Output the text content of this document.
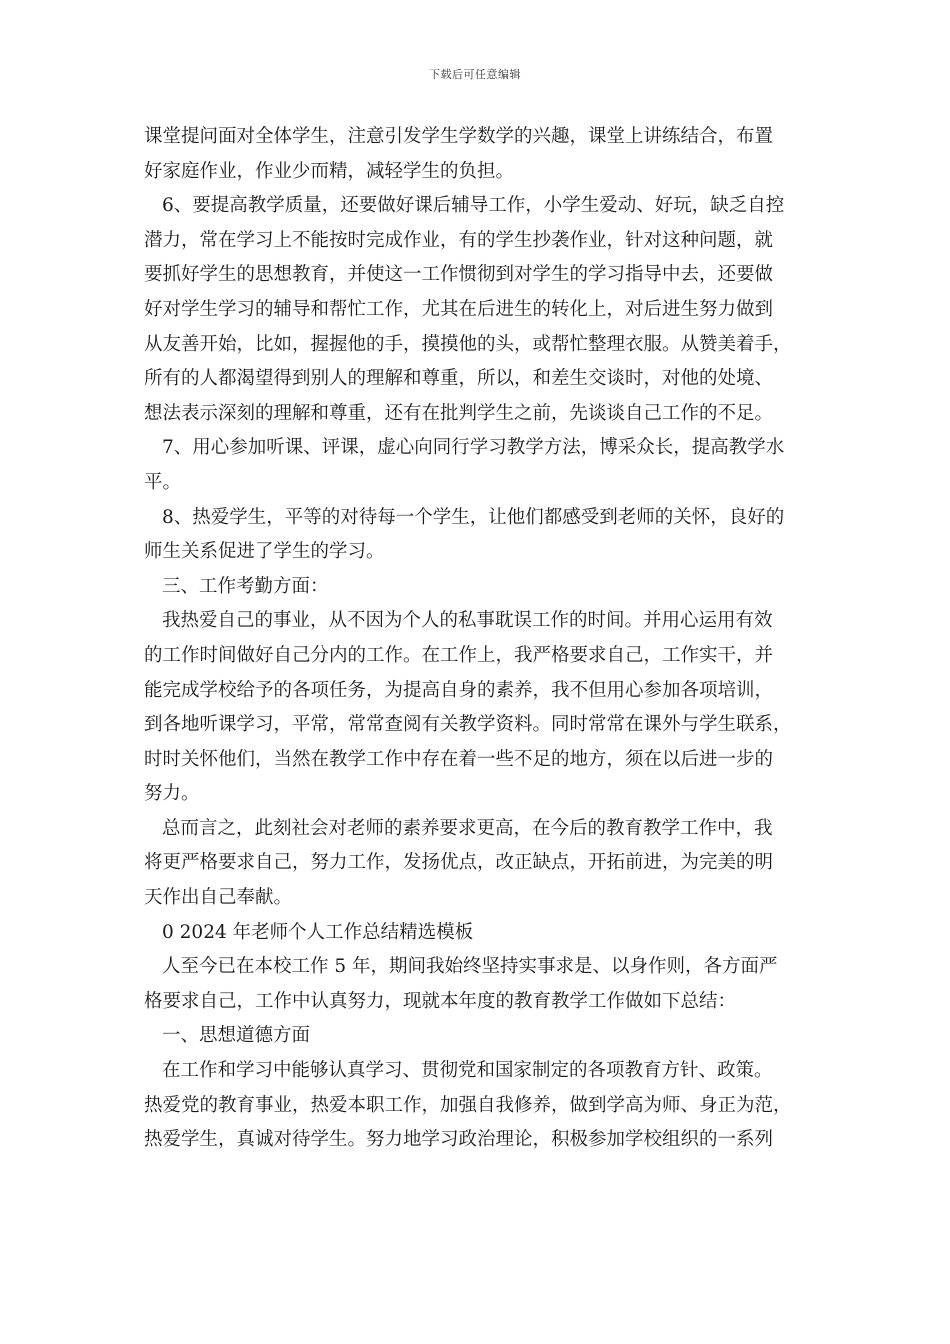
下载后可任意编辑
课堂提问面对全体学生，注意引发学生学数学的兴趣，课堂上讲练结合，布置
好家庭作业，作业少而精，减轻学生的负担。
6、要提高教学质量，还要做好课后辅导工作，小学生爱动、好玩，缺乏自控
潜力，常在学习上不能按时完成作业，有的学生抄袭作业，针对这种问题，就
要抓好学生的思想教育，并使这一工作惯彻到对学生的学习指导中去，还要做
好对学生学习的辅导和帮忙工作，尤其在后进生的转化上，对后进生努力做到
从友善开始，比如，握握他的手，摸摸他的头，或帮忙整理衣服。从赞美着手，
所有的人都渴望得到别人的理解和尊重，所以，和差生交谈时，对他的处境、
想法表示深刻的理解和尊重，还有在批判学生之前，先谈谈自己工作的不足。
7、用心参加听课、评课，虚心向同行学习教学方法，博采众长，提高教学水
平。
8、热爱学生，平等的对待每一个学生，让他们都感受到老师的关怀，良好的
师生关系促进了学生的学习。
三、工作考勤方面：
我热爱自己的事业，从不因为个人的私事耽误工作的时间。并用心运用有效
的工作时间做好自己分内的工作。在工作上，我严格要求自己，工作实干，并
能完成学校给予的各项任务，为提高自身的素养，我不但用心参加各项培训，
到各地听课学习，平常，常常查阅有关教学资料。同时常常在课外与学生联系，
时时关怀他们，当然在教学工作中存在着一些不足的地方，须在以后进一步的
努力。
总而言之，此刻社会对老师的素养要求更高，在今后的教育教学工作中，我
将更严格要求自己，努力工作，发扬优点，改正缺点，开拓前进，为完美的明
天作出自己奉献。
0 2024 年老师个人工作总结精选模板
人至今已在本校工作 5 年，期间我始终坚持实事求是、以身作则，各方面严
格要求自己，工作中认真努力，现就本年度的教育教学工作做如下总结：
一、思想道德方面
在工作和学习中能够认真学习、贯彻党和国家制定的各项教育方针、政策。
热爱党的教育事业，热爱本职工作，加强自我修养，做到学高为师、身正为范，
热爱学生，真诚对待学生。努力地学习政治理论，积极参加学校组织的一系列
